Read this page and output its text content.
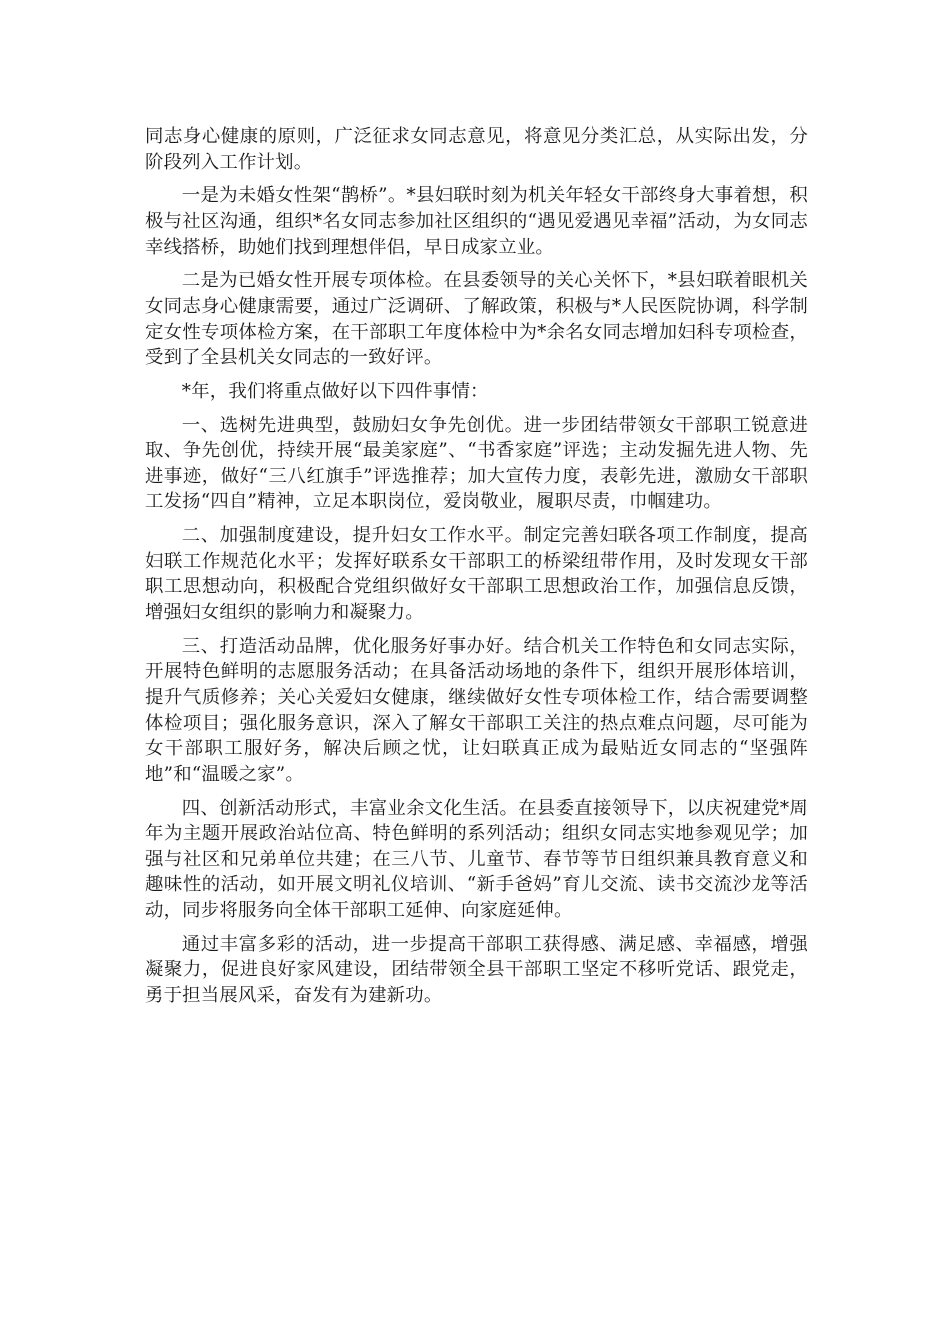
同志身心健康的原则，广泛征求女同志意见，将意见分类汇总，从实际出发，分阶段列入工作计划。

一是为未婚女性架“鹊桥”。*县妇联时刻为机关年轻女干部终身大事着想，积极与社区沟通，组织*名女同志参加社区组织的“遇见爱遇见幸福”活动，为女同志幸线搭桥，助她们找到理想伴侣，早日成家立业。

二是为已婚女性开展专项体检。在县委领导的关心关怀下，*县妇联着眼机关女同志身心健康需要，通过广泛调研、了解政策，积极与*人民医院协调，科学制定女性专项体检方案，在干部职工年度体检中为*余名女同志增加妇科专项检查，受到了全县机关女同志的一致好评。

*年，我们将重点做好以下四件事情：

一、选树先进典型，鼓励妇女争先创优。进一步团结带领女干部职工锐意进取、争先创优，持续开展“最美家庭”、“书香家庭”评选；主动发掘先进人物、先进事迹，做好“三八红旗手”评选推荐；加大宣传力度，表彰先进，激励女干部职工发扬“四自”精神，立足本职岗位，爱岗敬业，履职尽责，巾帼建功。

二、加强制度建设，提升妇女工作水平。制定完善妇联各项工作制度，提高妇联工作规范化水平；发挥好联系女干部职工的桥梁纽带作用，及时发现女干部职工思想动向，积极配合党组织做好女干部职工思想政治工作，加强信息反馈，增强妇女组织的影响力和凝聚力。

三、打造活动品牌，优化服务好事办好。结合机关工作特色和女同志实际，开展特色鲜明的志愿服务活动；在具备活动场地的条件下，组织开展形体培训，提升气质修养；关心关爱妇女健康，继续做好女性专项体检工作，结合需要调整体检项目；强化服务意识，深入了解女干部职工关注的热点难点问题，尽可能为女干部职工服好务，解决后顾之忧，让妇联真正成为最贴近女同志的“坚强阵地”和“温暖之家”。

四、创新活动形式，丰富业余文化生活。在县委直接领导下，以庆祝建党*周年为主题开展政治站位高、特色鲜明的系列活动；组织女同志实地参观见学；加强与社区和兄弟单位共建；在三八节、儿童节、春节等节日组织兼具教育意义和趣味性的活动，如开展文明礼仪培训、“新手爸妈”育儿交流、读书交流沙龙等活动，同步将服务向全体干部职工延伸、向家庭延伸。

通过丰富多彩的活动，进一步提高干部职工获得感、满足感、幸福感，增强凝聚力，促进良好家风建设，团结带领全县干部职工坚定不移听党话、跟党走，勇于担当展风采，奋发有为建新功。
